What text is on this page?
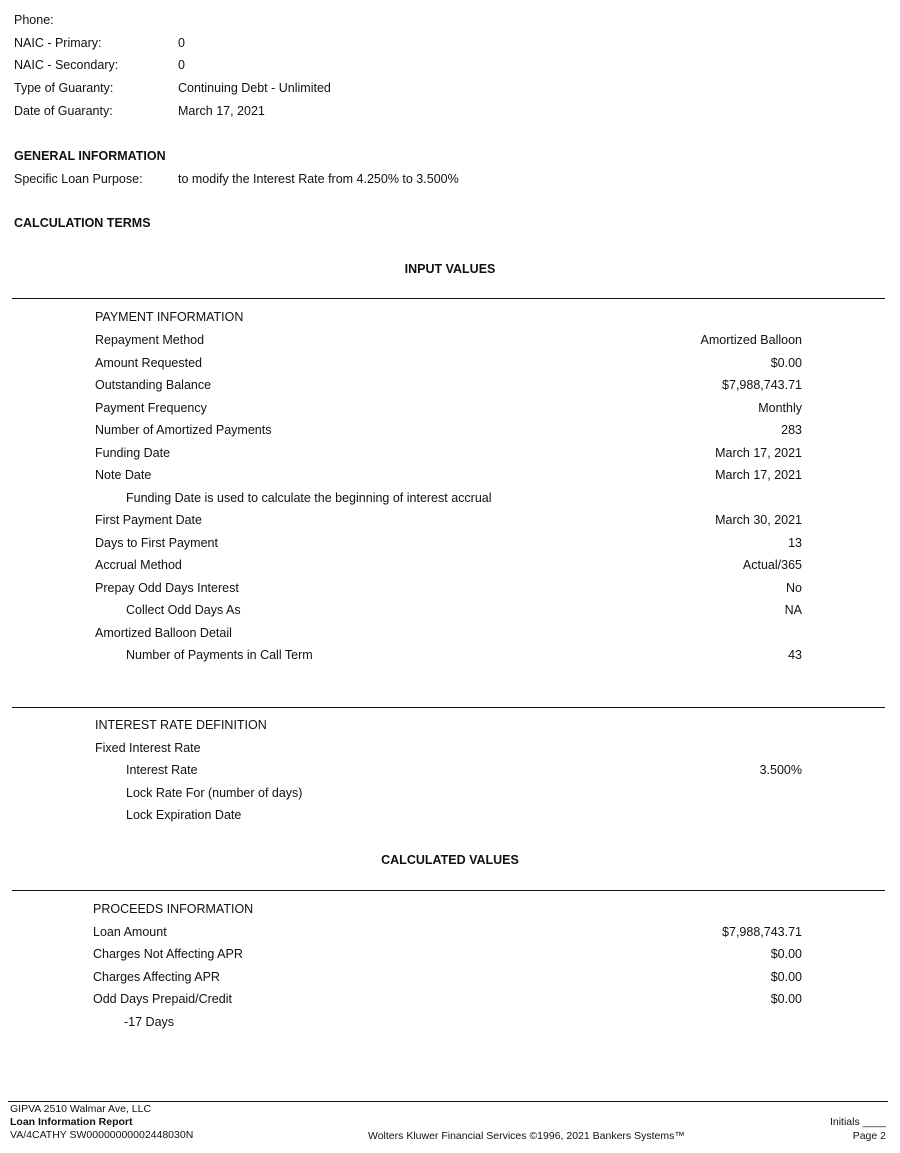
Phone:
NAIC - Primary:	0
NAIC - Secondary:	0
Type of Guaranty:	Continuing Debt - Unlimited
Date of Guaranty:	March 17, 2021
GENERAL INFORMATION
Specific Loan Purpose:	to modify the Interest Rate from 4.250% to 3.500%
CALCULATION TERMS
INPUT VALUES
PAYMENT INFORMATION
Repayment Method	Amortized Balloon
Amount Requested	$0.00
Outstanding Balance	$7,988,743.71
Payment Frequency	Monthly
Number of Amortized Payments	283
Funding Date	March 17, 2021
Note Date	March 17, 2021
Funding Date is used to calculate the beginning of interest accrual
First Payment Date	March 30, 2021
Days to First Payment	13
Accrual Method	Actual/365
Prepay Odd Days Interest	No
Collect Odd Days As	NA
Amortized Balloon Detail
Number of Payments in Call Term	43
INTEREST RATE DEFINITION
Fixed Interest Rate
Interest Rate	3.500%
Lock Rate For (number of days)
Lock Expiration Date
CALCULATED VALUES
PROCEEDS INFORMATION
Loan Amount	$7,988,743.71
Charges Not Affecting APR	$0.00
Charges Affecting APR	$0.00
Odd Days Prepaid/Credit	$0.00
-17 Days
GIPVA 2510 Walmar Ave, LLC
Loan Information Report
VA/4CATHY SW00000000002448030N	Wolters Kluwer Financial Services ©1996, 2021 Bankers Systems™
Initials ____
Page 2
